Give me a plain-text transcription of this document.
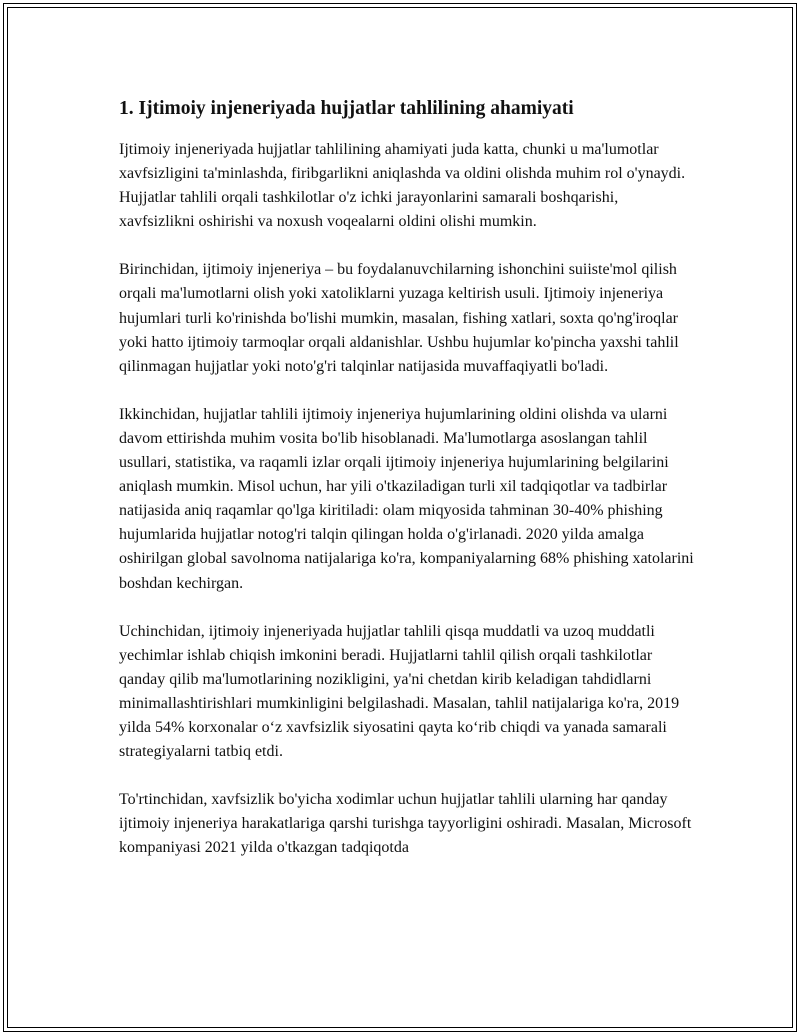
1. Ijtimoiy injeneriyada hujjatlar tahlilining ahamiyati

Ijtimoiy injeneriyada hujjatlar tahlilining ahamiyati juda katta, chunki u ma'lumotlar xavfsizligini ta'minlashda, firibgarlikni aniqlashda va oldini olishda muhim rol o'ynaydi. Hujjatlar tahlili orqali tashkilotlar o'z ichki jarayonlarini samarali boshqarishi, xavfsizlikni oshirishi va noxush voqealarni oldini olishi mumkin.

Birinchidan, ijtimoiy injeneriya – bu foydalanuvchilarning ishonchini suiiste'mol qilish orqali ma'lumotlarni olish yoki xatoliklarni yuzaga keltirish usuli. Ijtimoiy injeneriya hujumlari turli ko'rinishda bo'lishi mumkin, masalan, fishing xatlari, soxta qo'ng'iroqlar yoki hatto ijtimoiy tarmoqlar orqali aldanishlar. Ushbu hujumlar ko'pincha yaxshi tahlil qilinmagan hujjatlar yoki noto'g'ri talqinlar natijasida muvaffaqiyatli bo'ladi.

Ikkinchidan, hujjatlar tahlili ijtimoiy injeneriya hujumlarining oldini olishda va ularni davom ettirishda muhim vosita bo'lib hisoblanadi. Ma'lumotlarga asoslangan tahlil usullari, statistika, va raqamli izlar orqali ijtimoiy injeneriya hujumlarining belgilarini aniqlash mumkin. Misol uchun, har yili o'tkaziladigan turli xil tadqiqotlar va tadbirlar natijasida aniq raqamlar qo'lga kiritiladi: olam miqyosida tahminan 30-40% phishing hujumlarida hujjatlar notog'ri talqin qilingan holda o'g'irlanadi. 2020 yilda amalga oshirilgan global savolnoma natijalariga ko'ra, kompaniyalarning 68% phishing xatolarini boshdan kechirgan.

Uchinchidan, ijtimoiy injeneriyada hujjatlar tahlili qisqa muddatli va uzoq muddatli yechimlar ishlab chiqish imkonini beradi. Hujjatlarni tahlil qilish orqali tashkilotlar qanday qilib ma'lumotlarining nozikligini, ya'ni chetdan kirib keladigan tahdidlarni minimallashtirishlari mumkinligini belgilashadi. Masalan, tahlil natijalariga ko'ra, 2019 yilda 54% korxonalar o‘z xavfsizlik siyosatini qayta ko‘rib chiqdi va yanada samarali strategiyalarni tatbiq etdi.

To'rtinchidan, xavfsizlik bo'yicha xodimlar uchun hujjatlar tahlili ularning har qanday ijtimoiy injeneriya harakatlariga qarshi turishga tayyorligini oshiradi. Masalan, Microsoft kompaniyasi 2021 yilda o'tkazgan tadqiqotda
